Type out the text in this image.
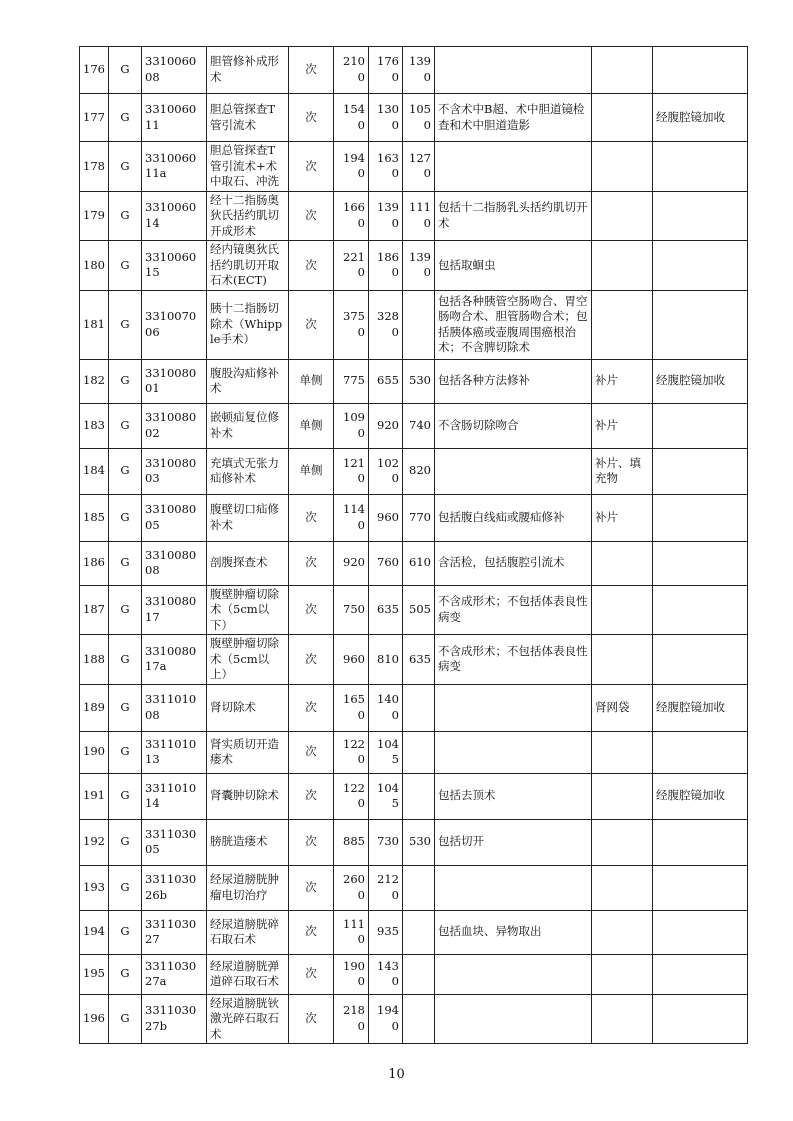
176	G	331006008	胆管修补成形术	次	2100	1760	1390			
177	G	331006011	胆总管探查T管引流术	次	1540	1300	1050	不含术中B超、术中胆道镜检查和术中胆道造影		经腹腔镜加收
178	G	331006011a	胆总管探查T管引流术+术中取石、冲洗	次	1940	1630	1270			
179	G	331006014	经十二指肠奥狄氏括约肌切开成形术	次	1660	1390	1110	包括十二指肠乳头括约肌切开术		
180	G	331006015	经内镜奥狄氏括约肌切开取石术(ECT)	次	2210	1860	1390	包括取蛔虫		
181	G	331007006	胰十二指肠切除术（Whipple手术）	次	3750	3280		包括各种胰管空肠吻合、胃空肠吻合术、胆管肠吻合术；包括胰体癌或壶腹周围癌根治术；不含脾切除术		
182	G	331008001	腹股沟疝修补术	单侧	775	655	530	包括各种方法修补	补片	经腹腔镜加收
183	G	331008002	嵌顿疝复位修补术	单侧	1090	920	740	不含肠切除吻合	补片	
184	G	331008003	充填式无张力疝修补术	单侧	1210	1020	820		补片、填充物	
185	G	331008005	腹壁切口疝修补术	次	1140	960	770	包括腹白线疝或腰疝修补	补片	
186	G	331008008	剖腹探查术	次	920	760	610	含活检，包括腹腔引流术		
187	G	331008017	腹壁肿瘤切除术（5cm以下）	次	750	635	505	不含成形术；不包括体表良性病变		
188	G	331008017a	腹壁肿瘤切除术（5cm以上）	次	960	810	635	不含成形术；不包括体表良性病变		
189	G	331101008	肾切除术	次	1650	1400			肾网袋	经腹腔镜加收
190	G	331101013	肾实质切开造瘘术	次	1220	1045				
191	G	331101014	肾囊肿切除术	次	1220	1045		包括去顶术		经腹腔镜加收
192	G	331103005	膀胱造瘘术	次	885	730	530	包括切开		
193	G	331103026b	经尿道膀胱肿瘤电切治疗	次	2600	2120				
194	G	331103027	经尿道膀胱碎石取石术	次	1110	935		包括血块、异物取出		
195	G	331103027a	经尿道膀胱弹道碎石取石术	次	1900	1430				
196	G	331103027b	经尿道膀胱钬激光碎石取石术	次	2180	1940				
10
